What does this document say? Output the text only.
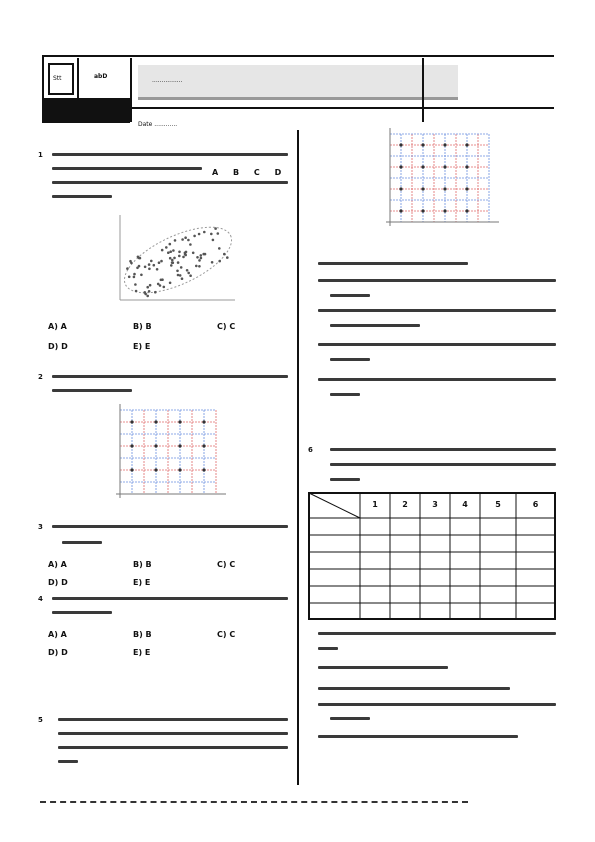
Stt	abD
................
Date ............
1
A B C D
A) A	B) B	C) C
D) D	E) E
2
3
A) A	B) B	C) C
D) D	E) E
4
A) A	B) B	C) C
D) D	E) E
5
6
1	2	3	4	5	6
